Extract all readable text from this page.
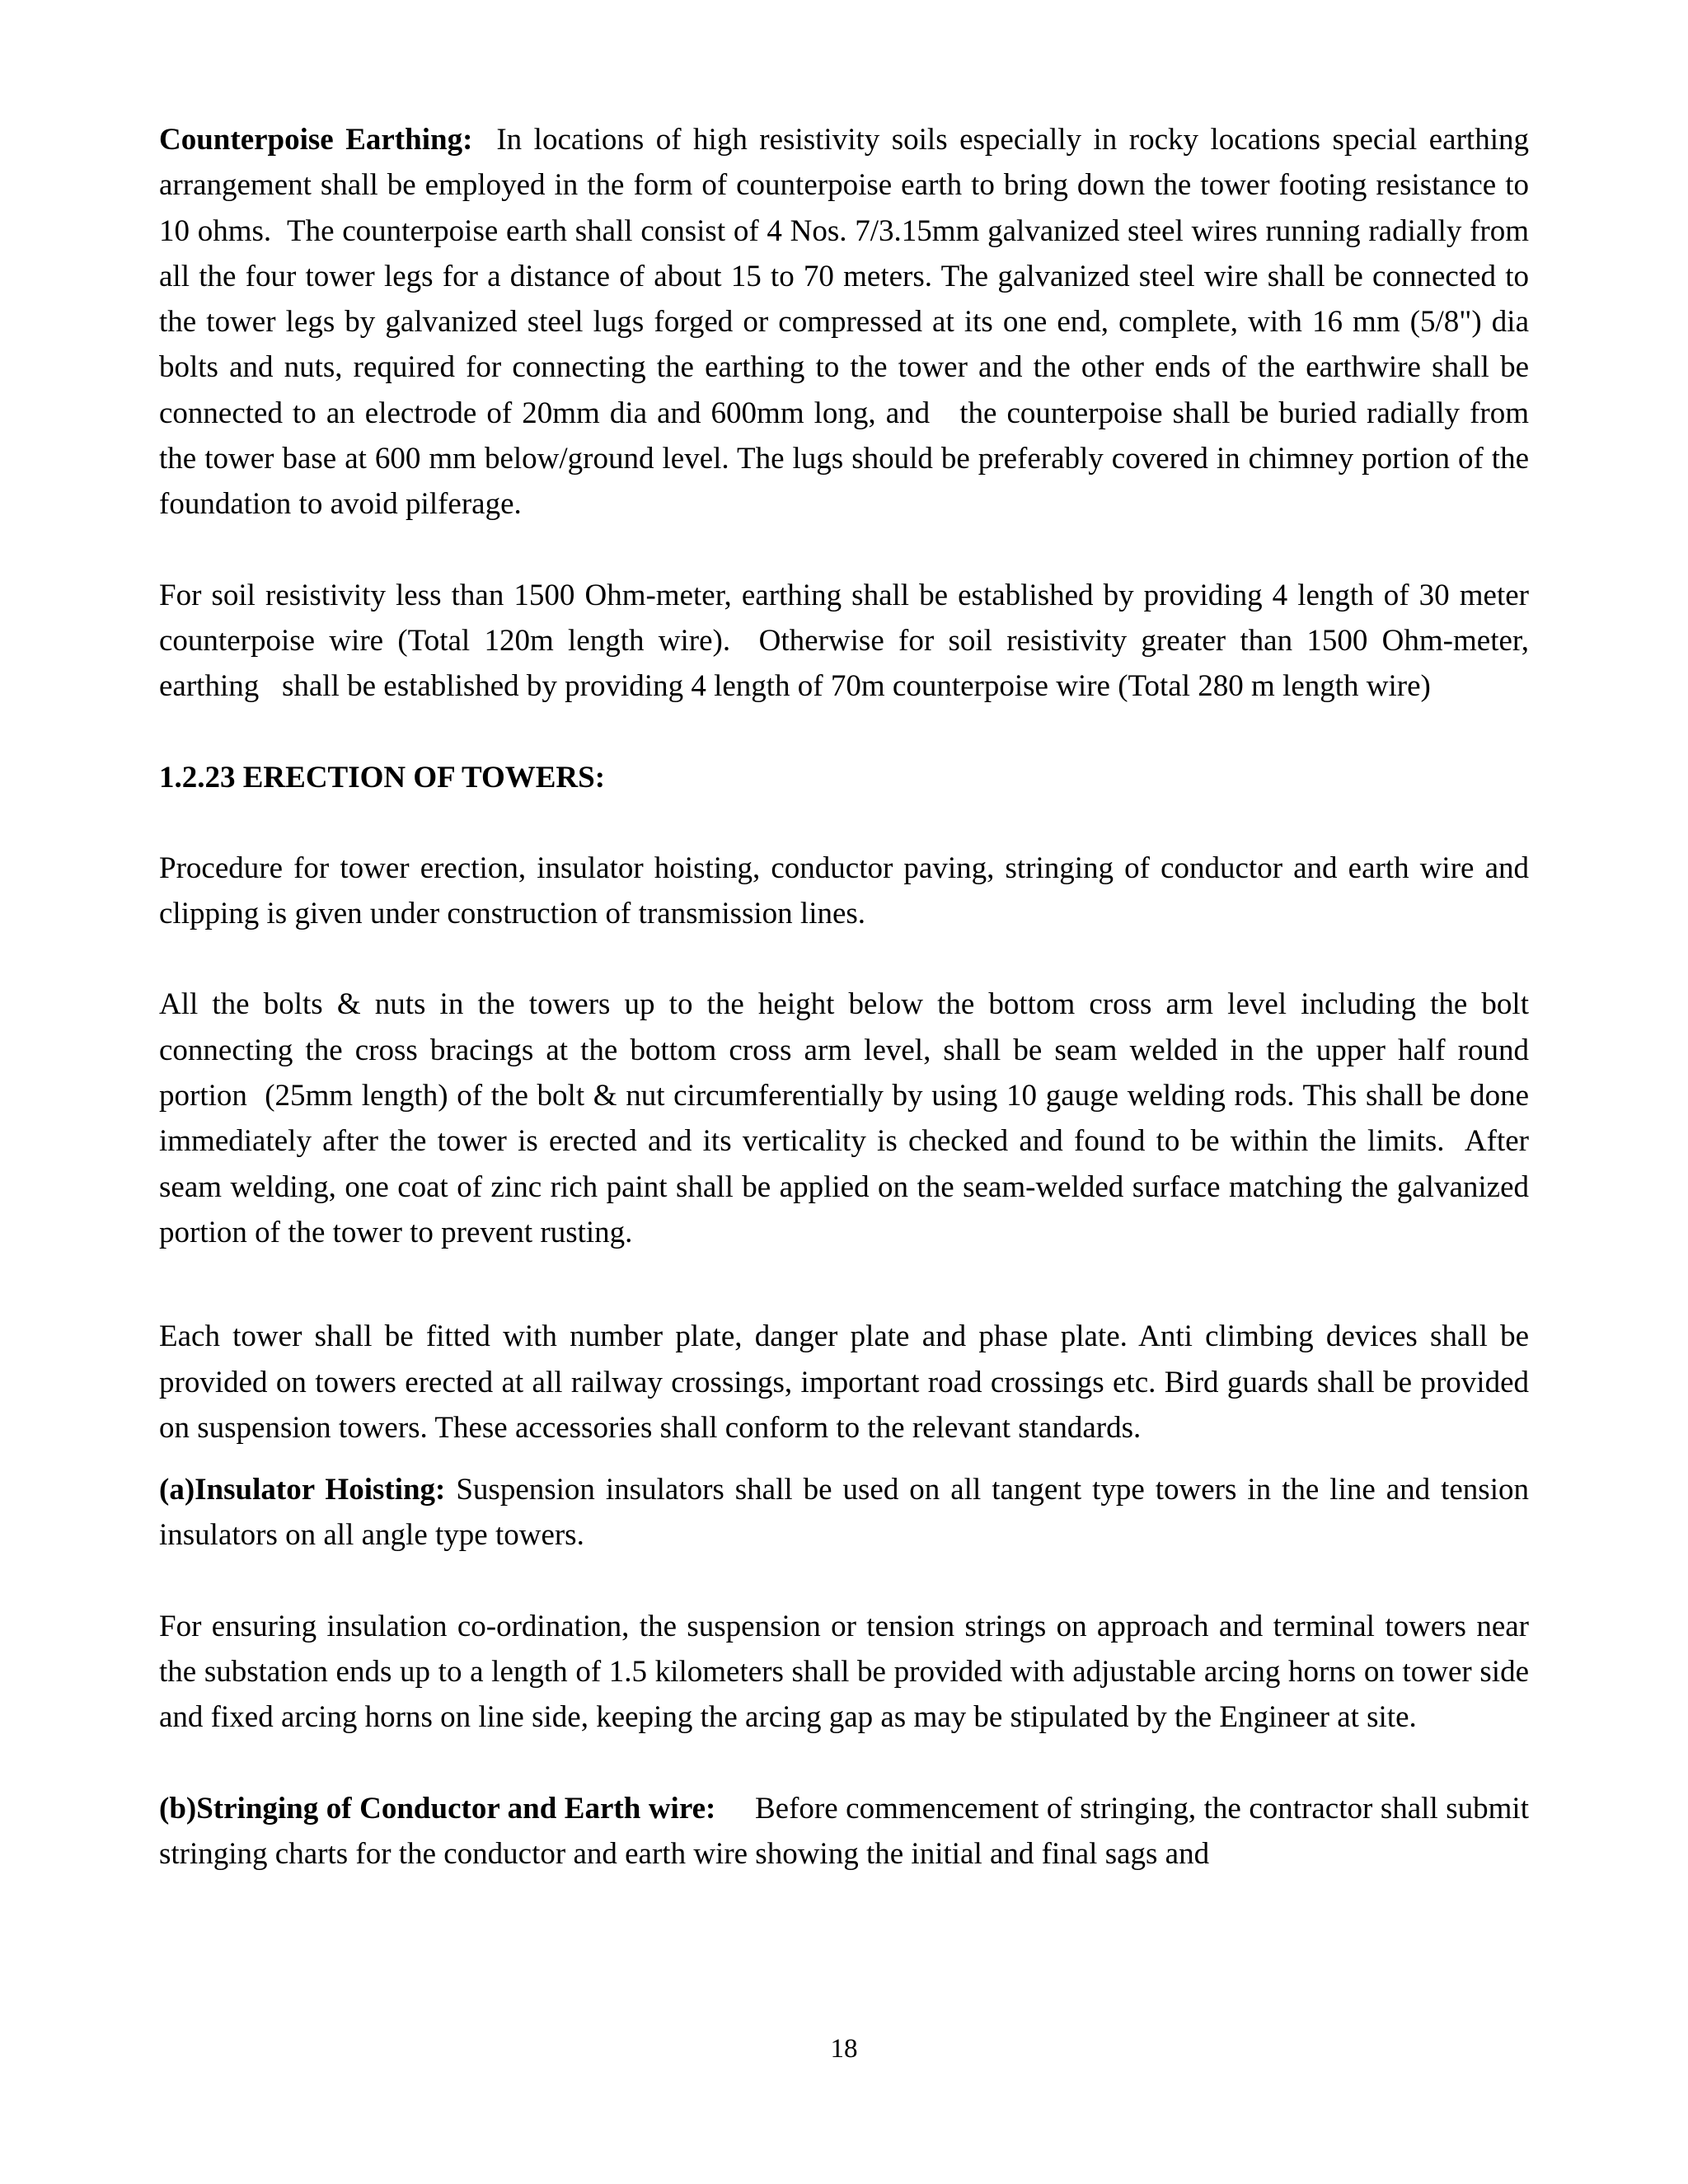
Counterpoise Earthing:  In locations of high resistivity soils especially in rocky locations special earthing arrangement shall be employed in the form of counterpoise earth to bring down the tower footing resistance to 10 ohms.  The counterpoise earth shall consist of 4 Nos. 7/3.15mm galvanized steel wires running radially from all the four tower legs for a distance of about 15 to 70 meters. The galvanized steel wire shall be connected to the tower legs by galvanized steel lugs forged or compressed at its one end, complete, with 16 mm (5/8") dia bolts and nuts, required for connecting the earthing to the tower and the other ends of the earthwire shall be connected to an electrode of 20mm dia and 600mm long, and   the counterpoise shall be buried radially from the tower base at 600 mm below/ground level. The lugs should be preferably covered in chimney portion of the foundation to avoid pilferage.

For soil resistivity less than 1500 Ohm-meter, earthing shall be established by providing 4 length of 30 meter counterpoise wire (Total 120m length wire).  Otherwise for soil resistivity greater than 1500 Ohm-meter, earthing   shall be established by providing 4 length of 70m counterpoise wire (Total 280 m length wire)

1.2.23 ERECTION OF TOWERS:

Procedure for tower erection, insulator hoisting, conductor paving, stringing of conductor and earth wire and clipping is given under construction of transmission lines.

All the bolts & nuts in the towers up to the height below the bottom cross arm level including the bolt connecting the cross bracings at the bottom cross arm level, shall be seam welded in the upper half round portion  (25mm length) of the bolt & nut circumferentially by using 10 gauge welding rods. This shall be done immediately after the tower is erected and its verticality is checked and found to be within the limits.  After seam welding, one coat of zinc rich paint shall be applied on the seam-welded surface matching the galvanized portion of the tower to prevent rusting.

Each tower shall be fitted with number plate, danger plate and phase plate. Anti climbing devices shall be provided on towers erected at all railway crossings, important road crossings etc. Bird guards shall be provided on suspension towers. These accessories shall conform to the relevant standards.

(a)Insulator Hoisting: Suspension insulators shall be used on all tangent type towers in the line and tension insulators on all angle type towers.

For ensuring insulation co-ordination, the suspension or tension strings on approach and terminal towers near the substation ends up to a length of 1.5 kilometers shall be provided with adjustable arcing horns on tower side and fixed arcing horns on line side, keeping the arcing gap as may be stipulated by the Engineer at site.

(b)Stringing of Conductor and Earth wire:     Before commencement of stringing, the contractor shall submit stringing charts for the conductor and earth wire showing the initial and final sags and

18
